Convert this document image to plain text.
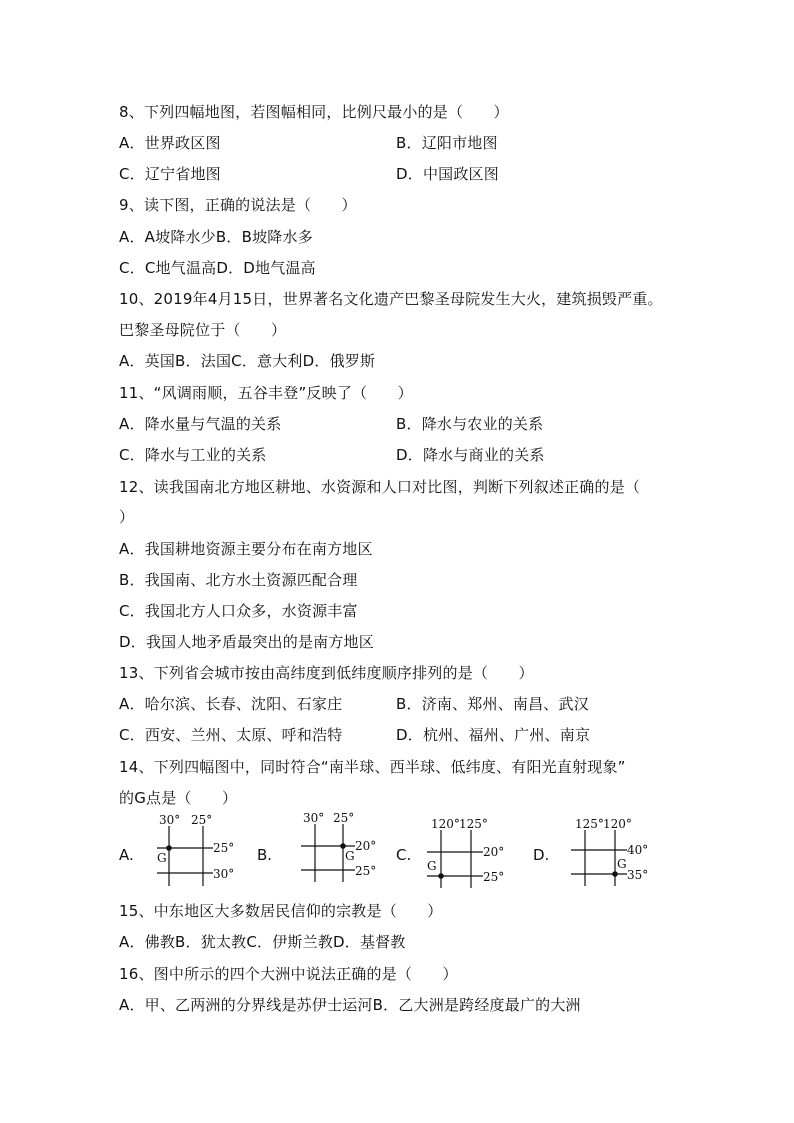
8、下列四幅地图，若图幅相同，比例尺最小的是（　　）
A．世界政区图	B．辽阳市地图
C．辽宁省地图	D．中国政区图
9、读下图，正确的说法是（　　）
A．A坡降水少B．B坡降水多
C．C地气温高D．D地气温高
10、2019年4月15日，世界著名文化遗产巴黎圣母院发生大火，建筑损毁严重。
巴黎圣母院位于（　　）
A．英国B．法国C．意大利D．俄罗斯
11、“风调雨顺，五谷丰登”反映了（　　）
A．降水量与气温的关系	B．降水与农业的关系
C．降水与工业的关系	D．降水与商业的关系
12、读我国南北方地区耕地、水资源和人口对比图，判断下列叙述正确的是（
）
A．我国耕地资源主要分布在南方地区
B．我国南、北方水土资源匹配合理
C．我国北方人口众多，水资源丰富
D．我国人地矛盾最突出的是南方地区
13、下列省会城市按由高纬度到低纬度顺序排列的是（　　）
A．哈尔滨、长春、沈阳、石家庄	B．济南、郑州、南昌、武汉
C．西安、兰州、太原、呼和浩特	D．杭州、福州、广州、南京
14、下列四幅图中，同时符合“南半球、西半球、低纬度、有阳光直射现象”
的G点是（　　）
A.
30° 25°
25°
30°
G	B.
30° 25°
20°
25°
G	C.
120° 125°
20°
25°
G
D.
125° 120°
40°
35°
G
15、中东地区大多数居民信仰的宗教是（　　）
A．佛教B．犹太教C．伊斯兰教D．基督教
16、图中所示的四个大洲中说法正确的是（　　）
A．甲、乙两洲的分界线是苏伊士运河B．乙大洲是跨经度最广的大洲
